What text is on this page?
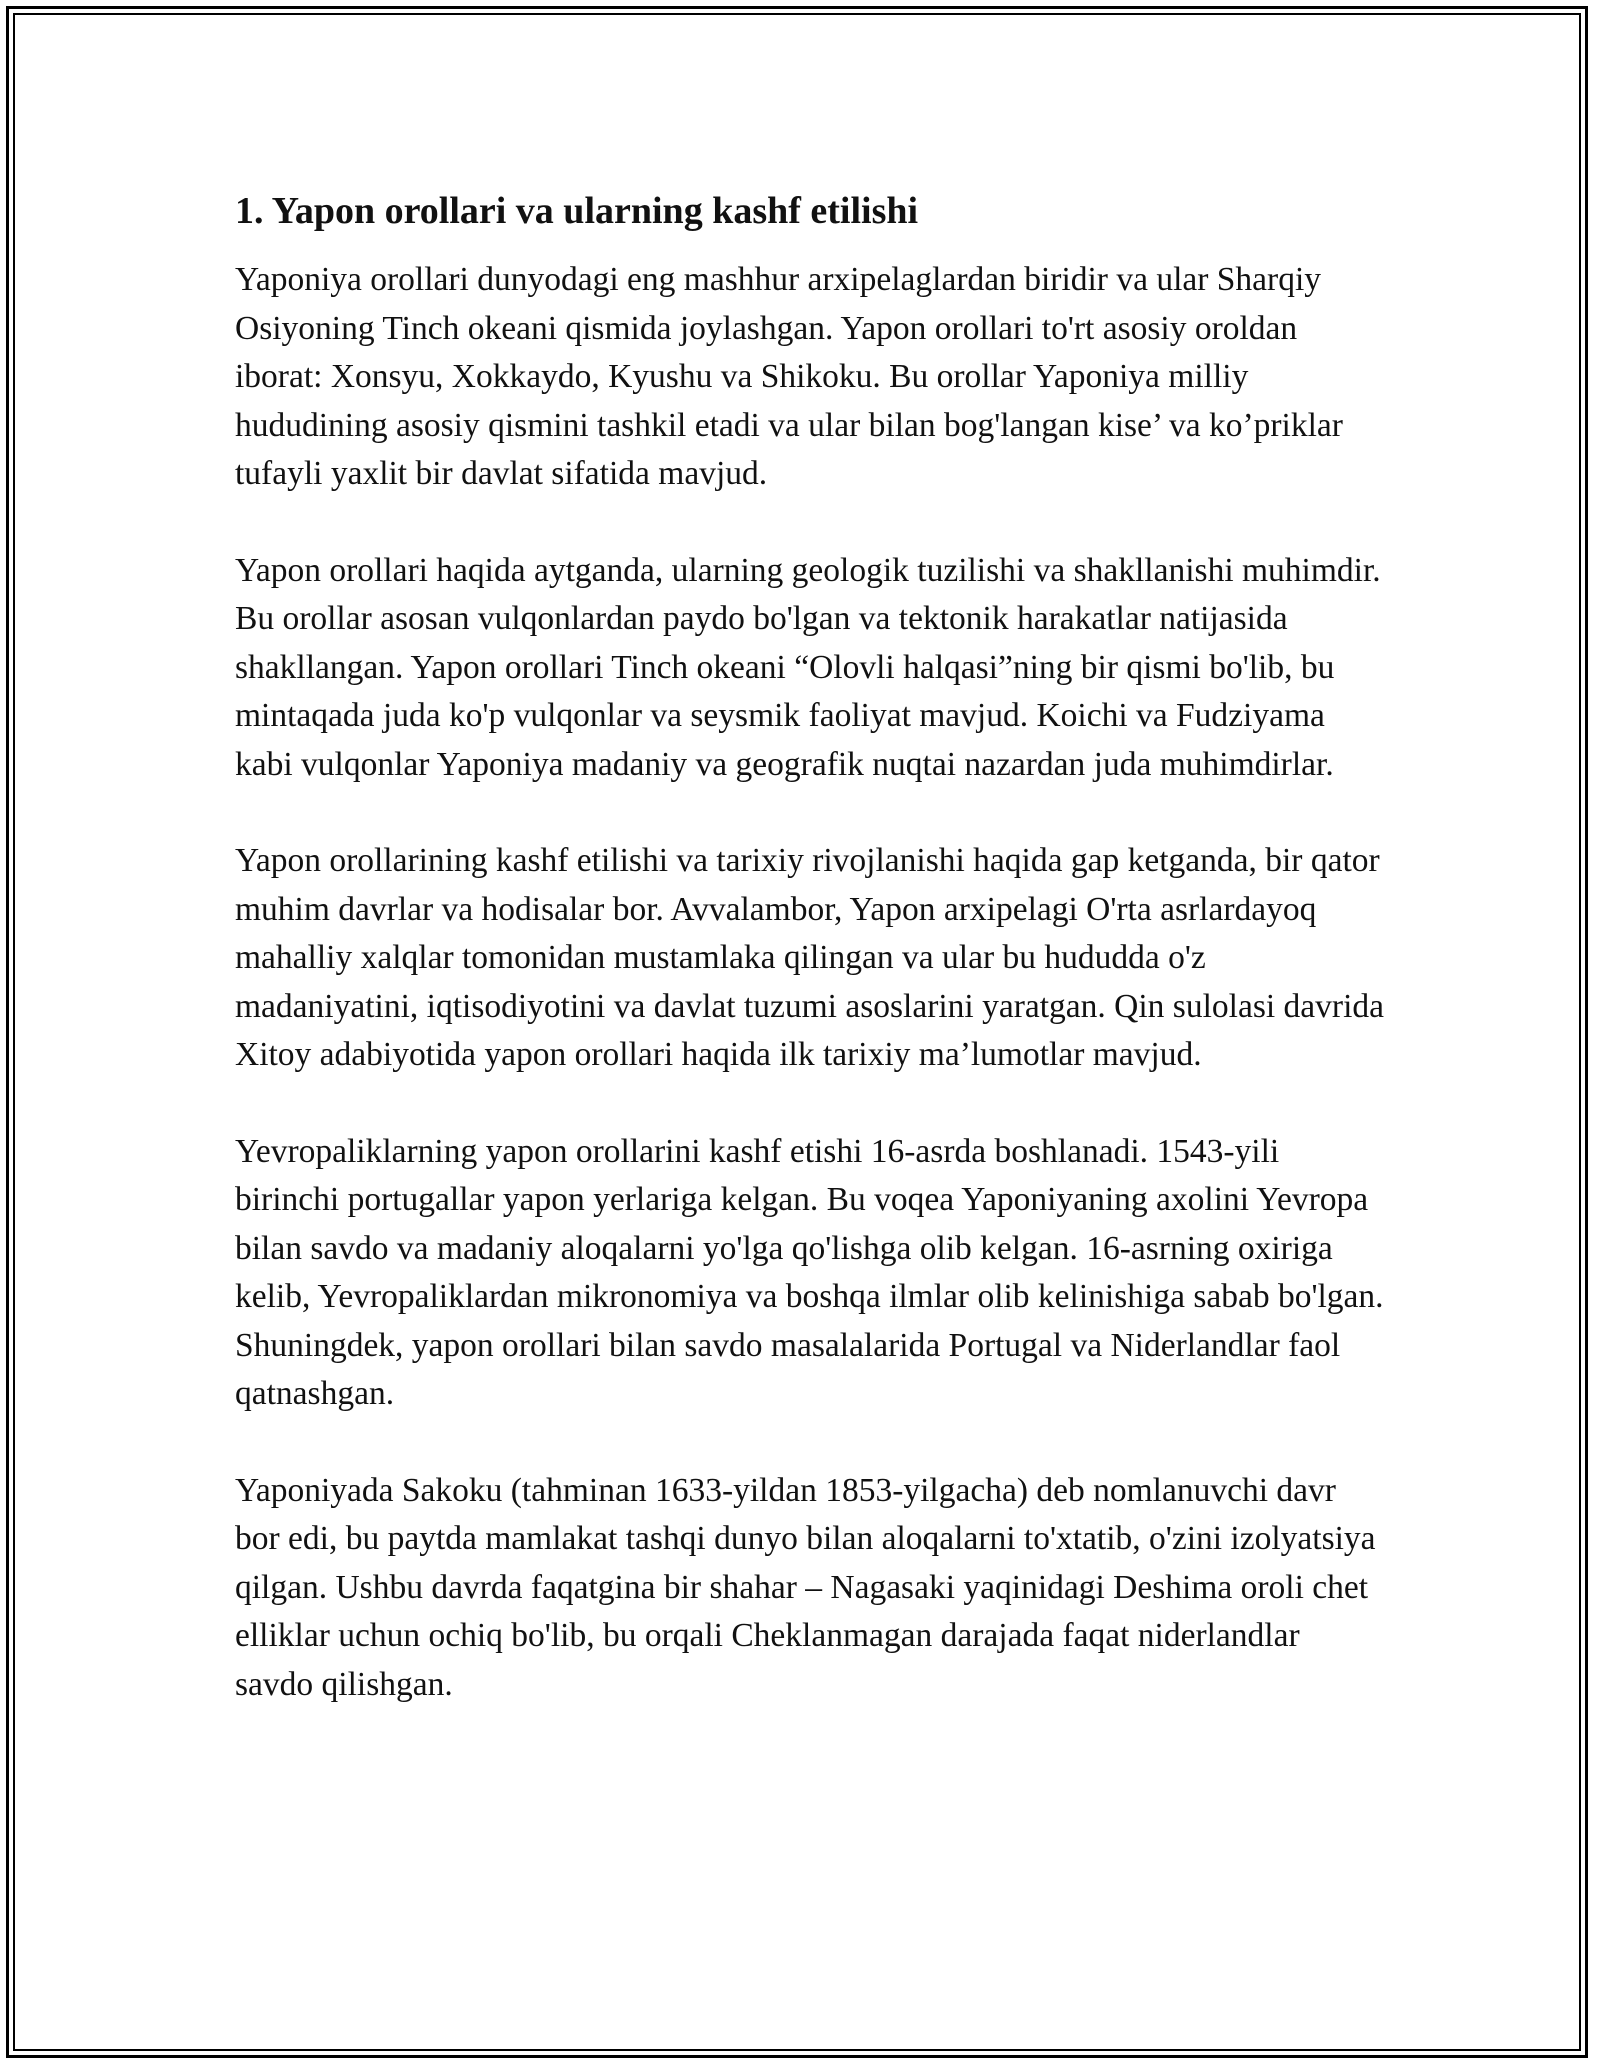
1. Yapon orollari va ularning kashf etilishi

Yaponiya orollari dunyodagi eng mashhur arxipelaglardan biridir va ular Sharqiy Osiyoning Tinch okeani qismida joylashgan. Yapon orollari to'rt asosiy oroldan iborat: Xonsyu, Xokkaydo, Kyushu va Shikoku. Bu orollar Yaponiya milliy hududining asosiy qismini tashkil etadi va ular bilan bog'langan kise’ va ko’priklar tufayli yaxlit bir davlat sifatida mavjud.

Yapon orollari haqida aytganda, ularning geologik tuzilishi va shakllanishi muhimdir. Bu orollar asosan vulqonlardan paydo bo'lgan va tektonik harakatlar natijasida shakllangan. Yapon orollari Tinch okeani “Olovli halqasi”ning bir qismi bo'lib, bu mintaqada juda ko'p vulqonlar va seysmik faoliyat mavjud. Koichi va Fudziyama kabi vulqonlar Yaponiya madaniy va geografik nuqtai nazardan juda muhimdirlar.

Yapon orollarining kashf etilishi va tarixiy rivojlanishi haqida gap ketganda, bir qator muhim davrlar va hodisalar bor. Avvalambor, Yapon arxipelagi O'rta asrlardayoq mahalliy xalqlar tomonidan mustamlaka qilingan va ular bu hududda o'z madaniyatini, iqtisodiyotini va davlat tuzumi asoslarini yaratgan. Qin sulolasi davrida Xitoy adabiyotida yapon orollari haqida ilk tarixiy ma’lumotlar mavjud.

Yevropaliklarning yapon orollarini kashf etishi 16-asrda boshlanadi. 1543-yili birinchi portugallar yapon yerlariga kelgan. Bu voqea Yaponiyaning axolini Yevropa bilan savdo va madaniy aloqalarni yo'lga qo'lishga olib kelgan. 16-asrning oxiriga kelib, Yevropaliklardan mikronomiya va boshqa ilmlar olib kelinishiga sabab bo'lgan. Shuningdek, yapon orollari bilan savdo masalalarida Portugal va Niderlandlar faol qatnashgan.

Yaponiyada Sakoku (tahminan 1633-yildan 1853-yilgacha) deb nomlanuvchi davr bor edi, bu paytda mamlakat tashqi dunyo bilan aloqalarni to'xtatib, o'zini izolyatsiya qilgan. Ushbu davrda faqatgina bir shahar – Nagasaki yaqinidagi Deshima oroli chet elliklar uchun ochiq bo'lib, bu orqali Cheklanmagan darajada faqat niderlandlar savdo qilishgan.
